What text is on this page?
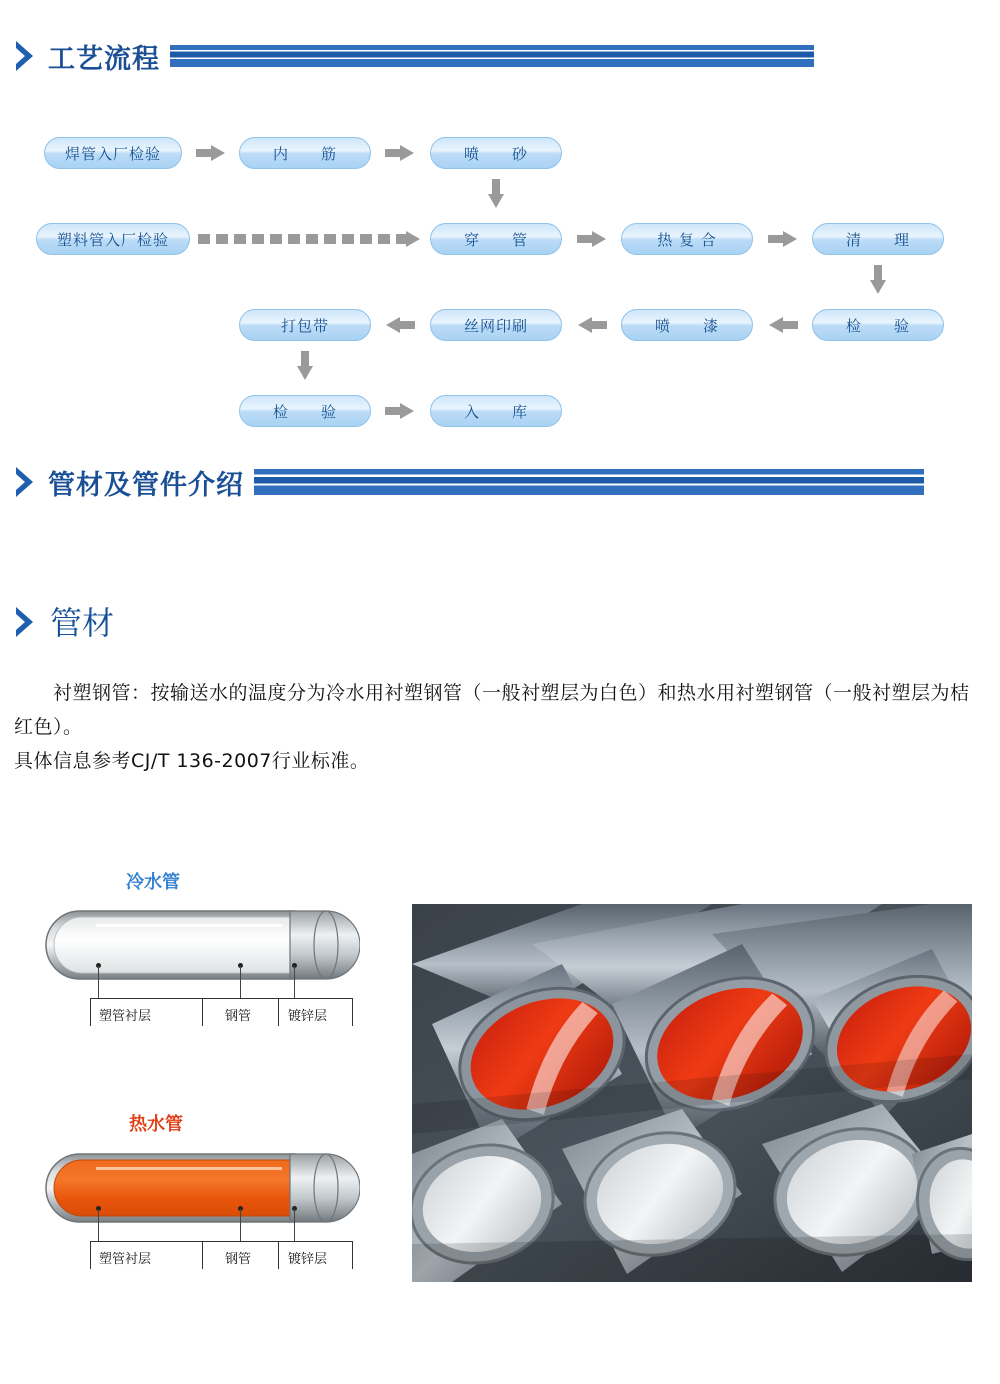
工艺流程
焊管入厂检验	内　　筋	喷　　砂
塑料管入厂检验	穿　　管	热 复 合	清　　理
打包带	丝网印刷	喷　　漆	检　　验
检　　验	入　　库
管材及管件介绍
管材
　　衬塑钢管：按输送水的温度分为冷水用衬塑钢管（一般衬塑层为白色）和热水用衬塑钢管（一般衬塑层为桔红色）。
具体信息参考CJ/T 136-2007行业标准。
冷水管
塑管衬层	钢管	镀锌层
热水管
塑管衬层	钢管	镀锌层
